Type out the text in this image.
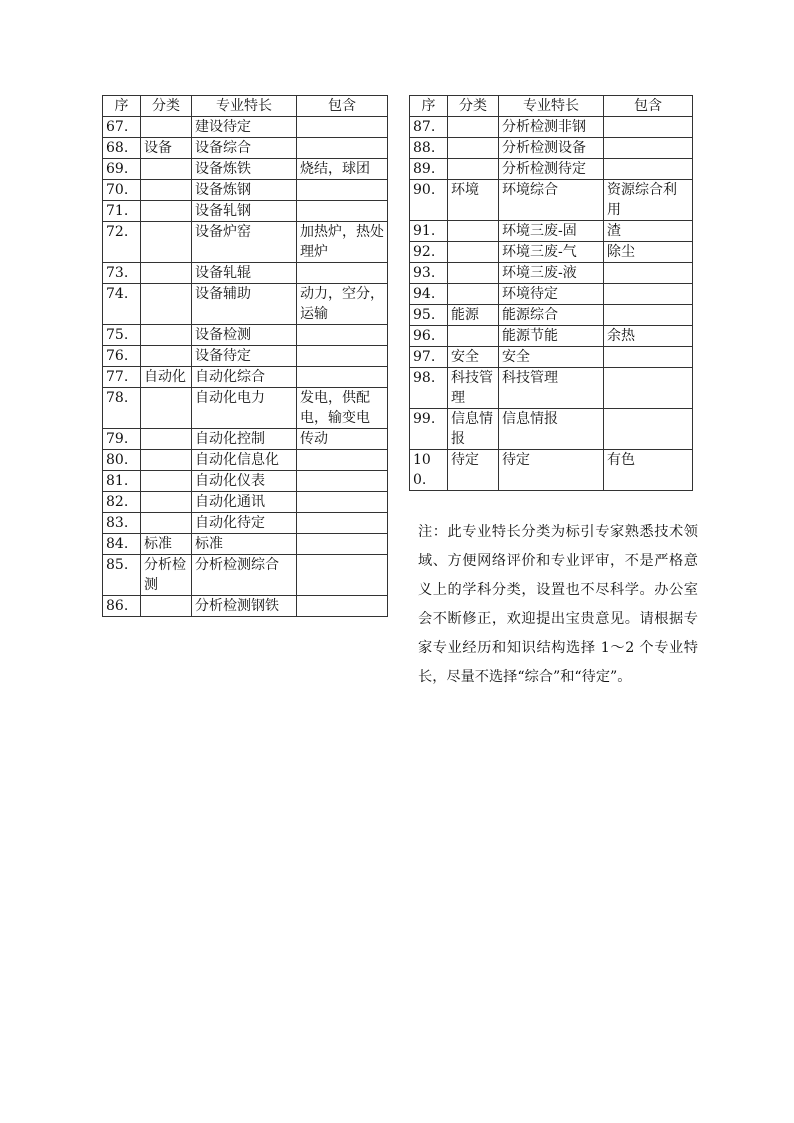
序	分类	专业特长	包含
67.		建设待定	
68.	设备	设备综合	
69.		设备炼铁	烧结，球团
70.		设备炼钢	
71.		设备轧钢	
72.		设备炉窑	加热炉，热处理炉
73.		设备轧辊	
74.		设备辅助	动力，空分，运输
75.		设备检测	
76.		设备待定	
77.	自动化	自动化综合	
78.		自动化电力	发电，供配电，输变电
79.		自动化控制	传动
80.		自动化信息化	
81.		自动化仪表	
82.		自动化通讯	
83.		自动化待定	
84.	标准	标准	
85.	分析检测	分析检测综合	
86.		分析检测钢铁	
序	分类	专业特长	包含
87.		分析检测非钢	
88.		分析检测设备	
89.		分析检测待定	
90.	环境	环境综合	资源综合利用
91.		环境三废-固	渣
92.		环境三废-气	除尘
93.		环境三废-液	
94.		环境待定	
95.	能源	能源综合	
96.		能源节能	余热
97.	安全	安全	
98.	科技管理	科技管理	
99.	信息情报	信息情报	
100.	待定	待定	有色

注：此专业特长分类为标引专家熟悉技术领域、方便网络评价和专业评审，不是严格意义上的学科分类，设置也不尽科学。办公室会不断修正，欢迎提出宝贵意见。请根据专家专业经历和知识结构选择 1～2 个专业特长，尽量不选择“综合”和“待定”。
